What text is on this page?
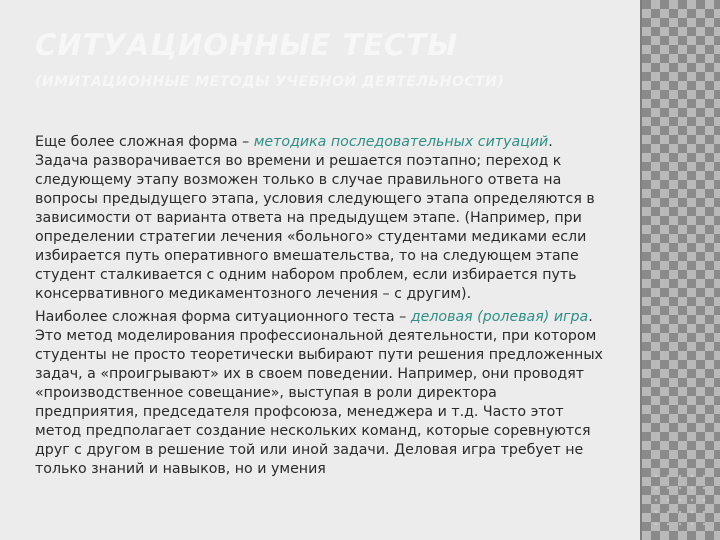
СИТУАЦИОННЫЕ ТЕСТЫ
(ИМИТАЦИОННЫЕ МЕТОДЫ УЧЕБНОЙ ДЕЯТЕЛЬНОСТИ)

Еще более сложная форма – методика последовательных ситуаций. Задача разворачивается во времени и решается поэтапно; переход к следующему этапу возможен только в случае правильного ответа на вопросы предыдущего этапа, условия следующего этапа определяются в зависимости от варианта ответа на предыдущем этапе. (Например, при определении стратегии лечения «больного» студентами медиками если избирается путь оперативного вмешательства, то на следующем этапе студент сталкивается с одним набором проблем, если избирается путь консервативного медикаментозного лечения – с другим).

Наиболее сложная форма ситуационного теста – деловая (ролевая) игра. Это метод моделирования профессиональной деятельности, при котором студенты не просто теоретически выбирают пути решения предложенных задач, а «проигрывают» их в своем поведении. Например, они проводят «производственное совещание», выступая в роли директора предприятия, председателя профсоюза, менеджера и т.д. Часто этот метод предполагает создание нескольких команд, которые соревнуются друг с другом в решение той или иной задачи. Деловая игра требует не только знаний и навыков, но и умения
